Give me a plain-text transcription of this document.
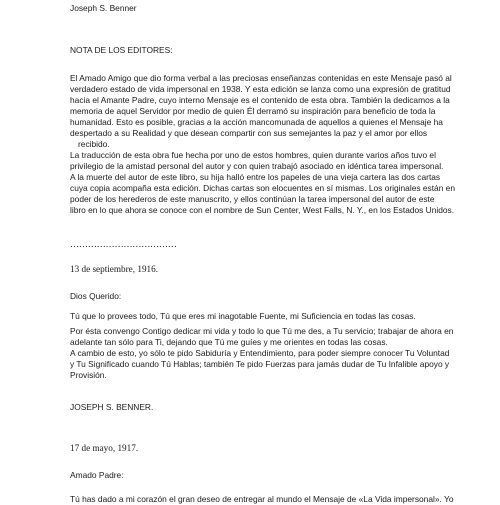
Joseph S. Benner
NOTA DE LOS EDITORES:
El Amado Amigo que dio forma verbal a las preciosas enseñanzas contenidas en este Mensaje pasó al
verdadero estado de vida impersonal en 1938. Y esta edición se lanza como una expresión de gratitud
hacia el Amante Padre, cuyo interno Mensaje es el contenido de esta obra. También la dedicamos a la
memoria de aquel Servidor por medio de quien Él derramó su inspiración para beneficio de toda la
humanidad. Esto es posible, gracias a la acción mancomunada de aquellos a quienes el Mensaje ha
despertado a su Realidad y que desean compartir con sus semejantes la paz y el amor por ellos
recibido.
La traducción de esta obra fue hecha por uno de estos hombres, quien durante varios años tuvo el
privilegio de la amistad personal del autor y con quien trabajó asociado en idéntica tarea impersonal.
A la muerte del autor de este libro, su hija halló entre los papeles de una vieja cartera las dos cartas
cuya copia acompaña esta edición. Dichas cartas son elocuentes en sí mismas. Los originales están en
poder de los herederos de este manuscrito, y ellos continúan la tarea impersonal del autor de este
libro en lo que ahora se conoce con el nombre de Sun Center, West Falls, N. Y., en los Estados Unidos.
………………………………
13 de septiembre, 1916.
Dios Querido:
Tú que lo provees todo, Tú que eres mi inagotable Fuente, mi Suficiencia en todas las cosas.
Por ésta convengo Contigo dedicar mi vida y todo lo que Tú me des, a Tu servicio; trabajar de ahora en
adelante tan sólo para Ti, dejando que Tú me guíes y me orientes en todas las cosas.
A cambio de esto, yo sólo te pido Sabiduría y Entendimiento, para poder siempre conocer Tu Voluntad
y Tu Significado cuando Tú Hablas; también Te pido Fuerzas para jamás dudar de Tu Infalible apoyo y
Provisión.
JOSEPH S. BENNER.
17 de mayo, 1917.
Amado Padre:
Tú has dado a mi corazón el gran deseo de entregar al mundo el Mensaje de «La Vida impersonal». Yo
